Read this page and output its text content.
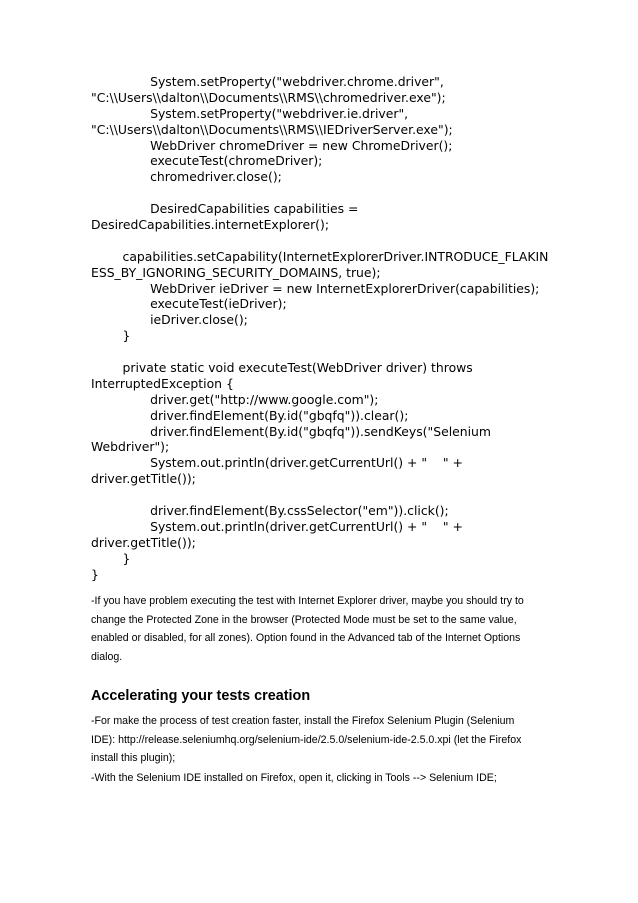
System.setProperty("webdriver.chrome.driver",
"C:\\Users\\dalton\\Documents\\RMS\\chromedriver.exe");
System.setProperty("webdriver.ie.driver",
"C:\\Users\\dalton\\Documents\\RMS\\IEDriverServer.exe");
WebDriver chromeDriver = new ChromeDriver();
executeTest(chromeDriver);
chromedriver.close();
DesiredCapabilities capabilities =
DesiredCapabilities.internetExplorer();
capabilities.setCapability(InternetExplorerDriver.INTRODUCE_FLAKIN
ESS_BY_IGNORING_SECURITY_DOMAINS, true);
WebDriver ieDriver = new InternetExplorerDriver(capabilities);
executeTest(ieDriver);
ieDriver.close();
}
private static void executeTest(WebDriver driver) throws
InterruptedException {
driver.get("http://www.google.com");
driver.findElement(By.id("gbqfq")).clear();
driver.findElement(By.id("gbqfq")).sendKeys("Selenium
Webdriver");
System.out.println(driver.getCurrentUrl() + "    " +
driver.getTitle());
driver.findElement(By.cssSelector("em")).click();
System.out.println(driver.getCurrentUrl() + "    " +
driver.getTitle());
}
}
-If you have problem executing the test with Internet Explorer driver, maybe you should try to
change the Protected Zone in the browser (Protected Mode must be set to the same value,
enabled or disabled, for all zones). Option found in the Advanced tab of the Internet Options
dialog.
Accelerating your tests creation
-For make the process of test creation faster, install the Firefox Selenium Plugin (Selenium
IDE): http://release.seleniumhq.org/selenium-ide/2.5.0/selenium-ide-2.5.0.xpi (let the Firefox
install this plugin);
-With the Selenium IDE installed on Firefox, open it, clicking in Tools --> Selenium IDE;
